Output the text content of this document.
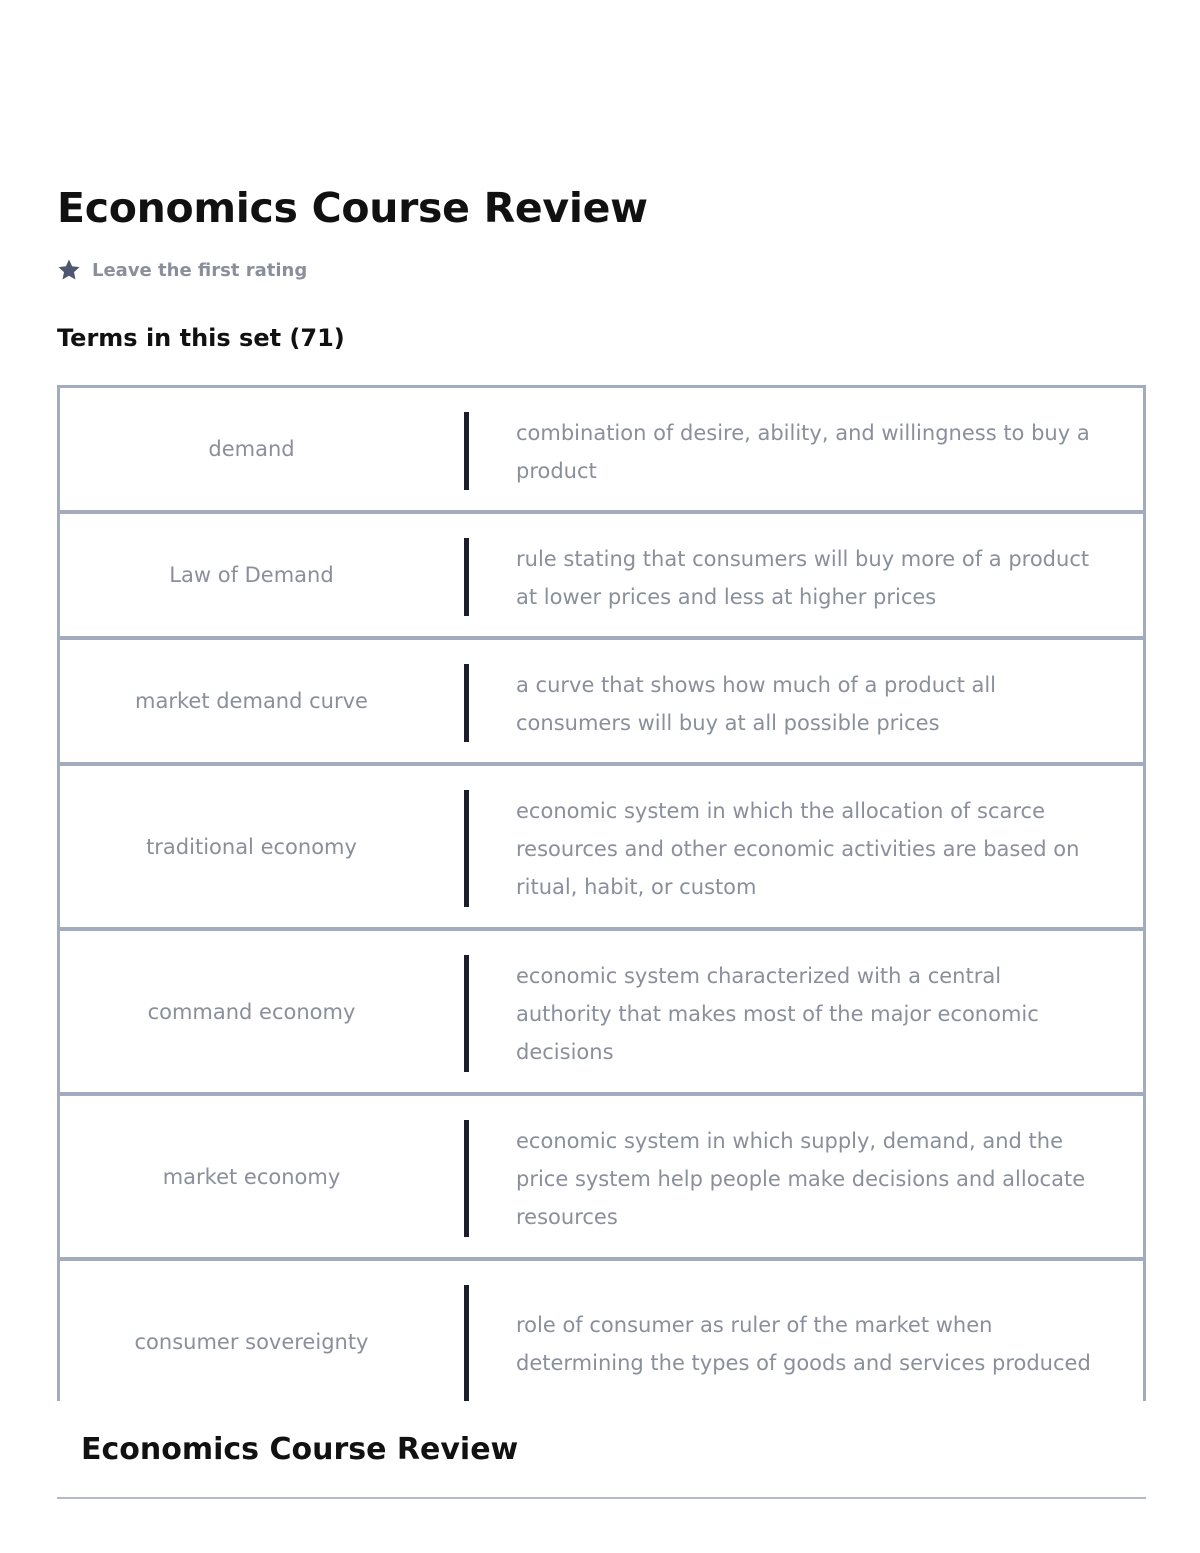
Economics Course Review
Leave the first rating
Terms in this set (71)
demand
combination of desire, ability, and willingness to buy a product
Law of Demand
rule stating that consumers will buy more of a product at lower prices and less at higher prices
market demand curve
a curve that shows how much of a product all consumers will buy at all possible prices
traditional economy
economic system in which the allocation of scarce resources and other economic activities are based on ritual, habit, or custom
command economy
economic system characterized with a central authority that makes most of the major economic decisions
market economy
economic system in which supply, demand, and the price system help people make decisions and allocate resources
consumer sovereignty
role of consumer as ruler of the market when determining the types of goods and services produced
Economics Course Review
